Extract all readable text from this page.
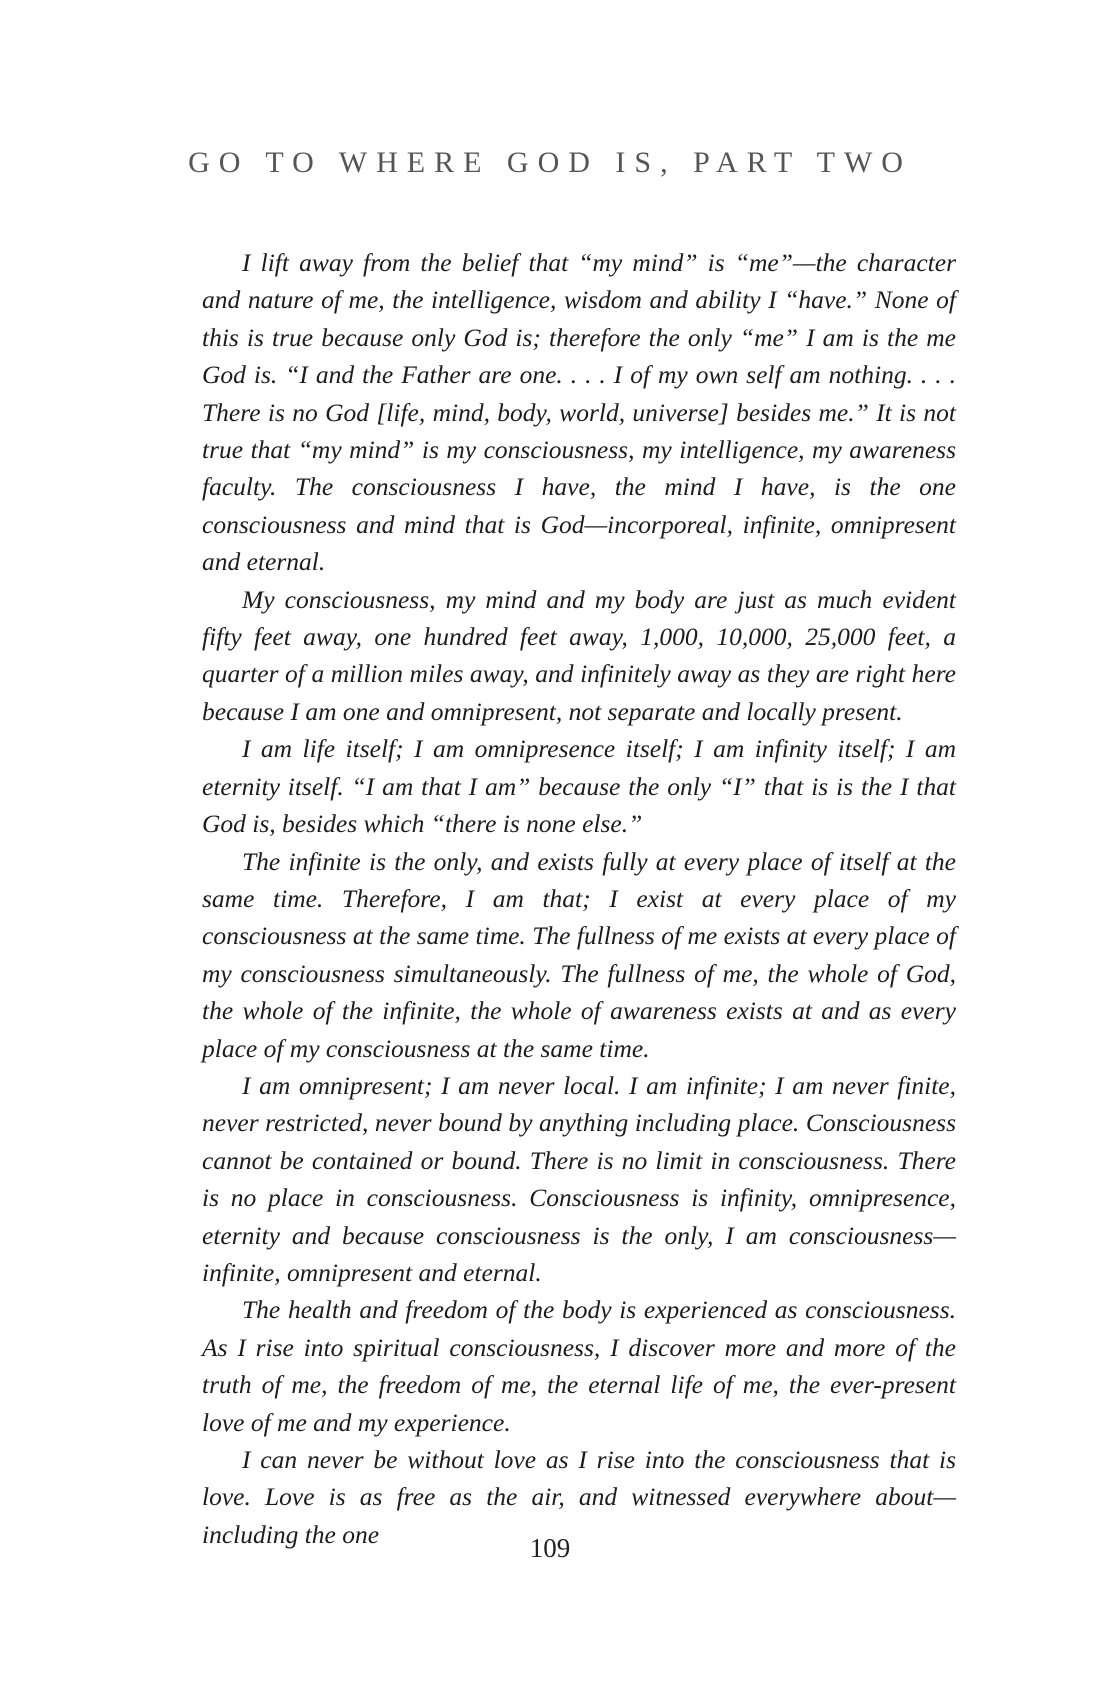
GO TO WHERE GOD IS, PART TWO

I lift away from the belief that “my mind” is “me”—the character and nature of me, the intelligence, wisdom and ability I “have.” None of this is true because only God is; therefore the only “me” I am is the me God is. “I and the Father are one. . . . I of my own self am nothing. . . . There is no God [life, mind, body, world, universe] besides me.” It is not true that “my mind” is my consciousness, my intelligence, my awareness faculty. The consciousness I have, the mind I have, is the one consciousness and mind that is God—incorporeal, infinite, omnipresent and eternal.

My consciousness, my mind and my body are just as much evident fifty feet away, one hundred feet away, 1,000, 10,000, 25,000 feet, a quarter of a million miles away, and infinitely away as they are right here because I am one and omnipresent, not separate and locally present.

I am life itself; I am omnipresence itself; I am infinity itself; I am eternity itself. “I am that I am” because the only “I” that is is the I that God is, besides which “there is none else.”

The infinite is the only, and exists fully at every place of itself at the same time. Therefore, I am that; I exist at every place of my consciousness at the same time. The fullness of me exists at every place of my consciousness simultaneously. The fullness of me, the whole of God, the whole of the infinite, the whole of awareness exists at and as every place of my consciousness at the same time.

I am omnipresent; I am never local. I am infinite; I am never finite, never restricted, never bound by anything including place. Consciousness cannot be contained or bound. There is no limit in consciousness. There is no place in consciousness. Consciousness is infinity, omnipresence, eternity and because consciousness is the only, I am consciousness—infinite, omnipresent and eternal.

The health and freedom of the body is experienced as consciousness. As I rise into spiritual consciousness, I discover more and more of the truth of me, the freedom of me, the eternal life of me, the ever-present love of me and my experience.

I can never be without love as I rise into the consciousness that is love. Love is as free as the air, and witnessed everywhere about—including the one	109
